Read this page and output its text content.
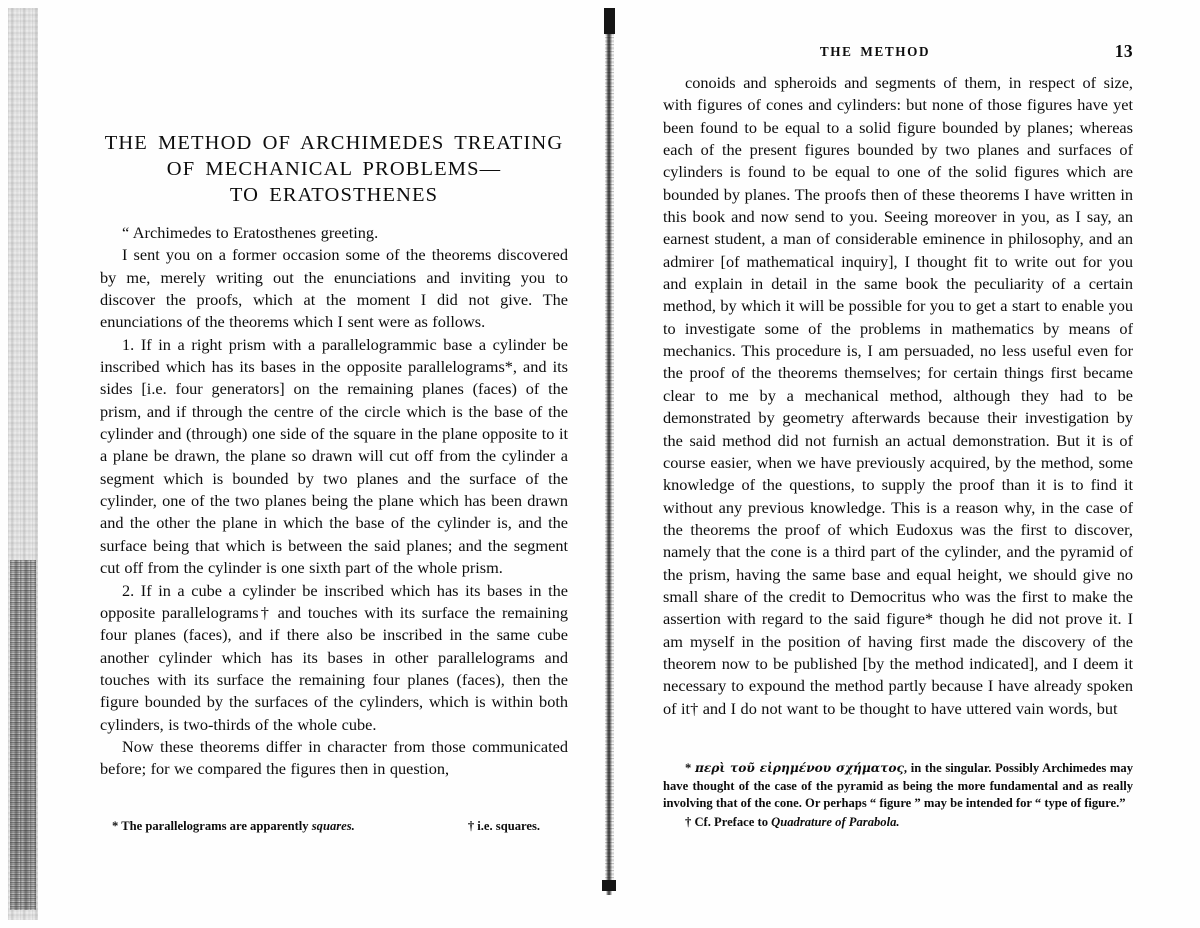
THE METHOD	13
THE METHOD OF ARCHIMEDES TREATING
OF MECHANICAL PROBLEMS—
TO ERATOSTHENES

“ Archimedes to Eratosthenes greeting.

I sent you on a former occasion some of the theorems discovered by me, merely writing out the enunciations and inviting you to discover the proofs, which at the moment I did not give. The enunciations of the theorems which I sent were as follows.

1. If in a right prism with a parallelogrammic base a cylinder be inscribed which has its bases in the opposite parallelograms*, and its sides [i.e. four generators] on the remaining planes (faces) of the prism, and if through the centre of the circle which is the base of the cylinder and (through) one side of the square in the plane opposite to it a plane be drawn, the plane so drawn will cut off from the cylinder a segment which is bounded by two planes and the surface of the cylinder, one of the two planes being the plane which has been drawn and the other the plane in which the base of the cylinder is, and the surface being that which is between the said planes; and the segment cut off from the cylinder is one sixth part of the whole prism.

2. If in a cube a cylinder be inscribed which has its bases in the opposite parallelograms† and touches with its surface the remaining four planes (faces), and if there also be inscribed in the same cube another cylinder which has its bases in other parallelograms and touches with its surface the remaining four planes (faces), then the figure bounded by the surfaces of the cylinders, which is within both cylinders, is two-thirds of the whole cube.

Now these theorems differ in character from those communicated before; for we compared the figures then in question,

* The parallelograms are apparently squares.	† i.e. squares.

conoids and spheroids and segments of them, in respect of size, with figures of cones and cylinders: but none of those figures have yet been found to be equal to a solid figure bounded by planes; whereas each of the present figures bounded by two planes and surfaces of cylinders is found to be equal to one of the solid figures which are bounded by planes. The proofs then of these theorems I have written in this book and now send to you. Seeing moreover in you, as I say, an earnest student, a man of considerable eminence in philosophy, and an admirer [of mathematical inquiry], I thought fit to write out for you and explain in detail in the same book the peculiarity of a certain method, by which it will be possible for you to get a start to enable you to investigate some of the problems in mathematics by means of mechanics. This procedure is, I am persuaded, no less useful even for the proof of the theorems themselves; for certain things first became clear to me by a mechanical method, although they had to be demonstrated by geometry afterwards because their investigation by the said method did not furnish an actual demonstration. But it is of course easier, when we have previously acquired, by the method, some knowledge of the questions, to supply the proof than it is to find it without any previous knowledge. This is a reason why, in the case of the theorems the proof of which Eudoxus was the first to discover, namely that the cone is a third part of the cylinder, and the pyramid of the prism, having the same base and equal height, we should give no small share of the credit to Democritus who was the first to make the assertion with regard to the said figure* though he did not prove it. I am myself in the position of having first made the discovery of the theorem now to be published [by the method indicated], and I deem it necessary to expound the method partly because I have already spoken of it† and I do not want to be thought to have uttered vain words, but

* περὶ τοῦ εἰρημένου σχήματος, in the singular. Possibly Archimedes may have thought of the case of the pyramid as being the more fundamental and as really involving that of the cone. Or perhaps “ figure ” may be intended for “ type of figure.”

† Cf. Preface to Quadrature of Parabola.
